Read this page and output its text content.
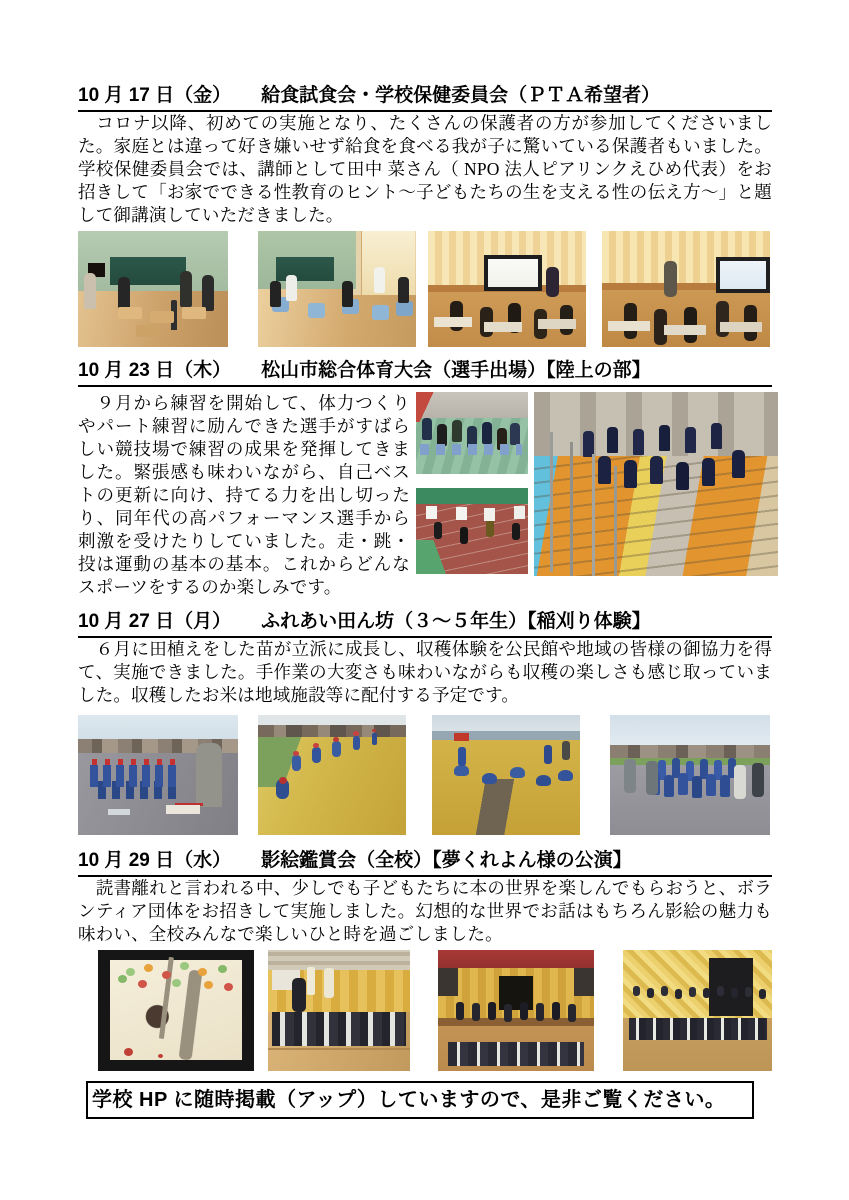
10 月 17 日（金） 給食試食会・学校保健委員会（ＰＴＡ希望者）

　コロナ以降、初めての実施となり、たくさんの保護者の方が参加してくださいました。家庭とは違って好き嫌いせず給食を食べる我が子に驚いている保護者もいました。学校保健委員会では、講師として田中 菜さん（ NPO 法人ピアリンクえひめ代表）をお招きして「お家でできる性教育のヒント～子どもたちの生を支える性の伝え方～」と題して御講演していただきました。

10 月 23 日（木） 松山市総合体育大会（選手出場）【陸上の部】

　９月から練習を開始して、体力つくりやパート練習に励んできた選手がすばらしい競技場で練習の成果を発揮してきました。緊張感も味わいながら、自己ベストの更新に向け、持てる力を出し切ったり、同年代の高パフォーマンス選手から刺激を受けたりしていました。走・跳・投は運動の基本の基本。これからどんなスポーツをするのか楽しみです。

10 月 27 日（月） ふれあい田ん坊（３～５年生）【稲刈り体験】

　６月に田植えをした苗が立派に成長し、収穫体験を公民館や地域の皆様の御協力を得て、実施できました。手作業の大変さも味わいながらも収穫の楽しさも感じ取っていました。収穫したお米は地域施設等に配付する予定です。

10 月 29 日（水） 影絵鑑賞会（全校）【夢くれよん様の公演】

　読書離れと言われる中、少しでも子どもたちに本の世界を楽しんでもらおうと、ボランティア団体をお招きして実施しました。幻想的な世界でお話はもちろん影絵の魅力も味わい、全校みんなで楽しいひと時を過ごしました。

学校 HP に随時掲載（アップ）していますので、是非ご覧ください。
